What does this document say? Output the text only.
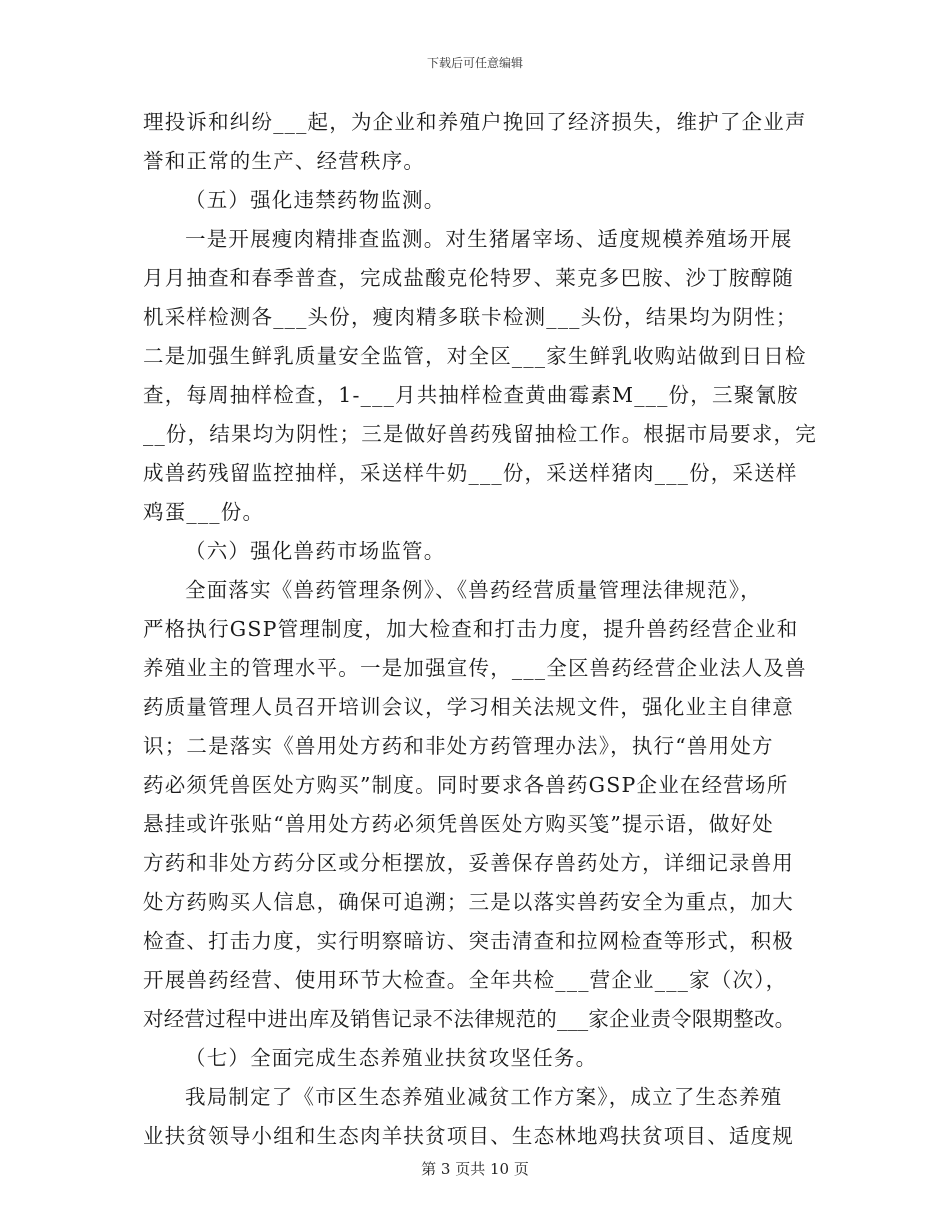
下载后可任意编辑
理投诉和纠纷___起，为企业和养殖户挽回了经济损失，维护了企业声
誉和正常的生产、经营秩序。
（五）强化违禁药物监测。
一是开展瘦肉精排查监测。对生猪屠宰场、适度规模养殖场开展
月月抽查和春季普查，完成盐酸克伦特罗、莱克多巴胺、沙丁胺醇随
机采样检测各___头份，瘦肉精多联卡检测___头份，结果均为阴性；
二是加强生鲜乳质量安全监管，对全区___家生鲜乳收购站做到日日检
查，每周抽样检查，1-___月共抽样检查黄曲霉素M___份，三聚氰胺
__份，结果均为阴性；三是做好兽药残留抽检工作。根据市局要求，完
成兽药残留监控抽样，采送样牛奶___份，采送样猪肉___份，采送样
鸡蛋___份。
（六）强化兽药市场监管。
全面落实《兽药管理条例》、《兽药经营质量管理法律规范》，
严格执行GSP管理制度，加大检查和打击力度，提升兽药经营企业和
养殖业主的管理水平。一是加强宣传，___全区兽药经营企业法人及兽
药质量管理人员召开培训会议，学习相关法规文件，强化业主自律意
识；二是落实《兽用处方药和非处方药管理办法》，执行“兽用处方
药必须凭兽医处方购买”制度。同时要求各兽药GSP企业在经营场所
悬挂或许张贴“兽用处方药必须凭兽医处方购买笺”提示语，做好处
方药和非处方药分区或分柜摆放，妥善保存兽药处方，详细记录兽用
处方药购买人信息，确保可追溯；三是以落实兽药安全为重点，加大
检查、打击力度，实行明察暗访、突击清查和拉网检查等形式，积极
开展兽药经营、使用环节大检查。全年共检___营企业___家（次），
对经营过程中进出库及销售记录不法律规范的___家企业责令限期整改。
（七）全面完成生态养殖业扶贫攻坚任务。
我局制定了《市区生态养殖业减贫工作方案》，成立了生态养殖
业扶贫领导小组和生态肉羊扶贫项目、生态林地鸡扶贫项目、适度规
第 3 页共 10 页
